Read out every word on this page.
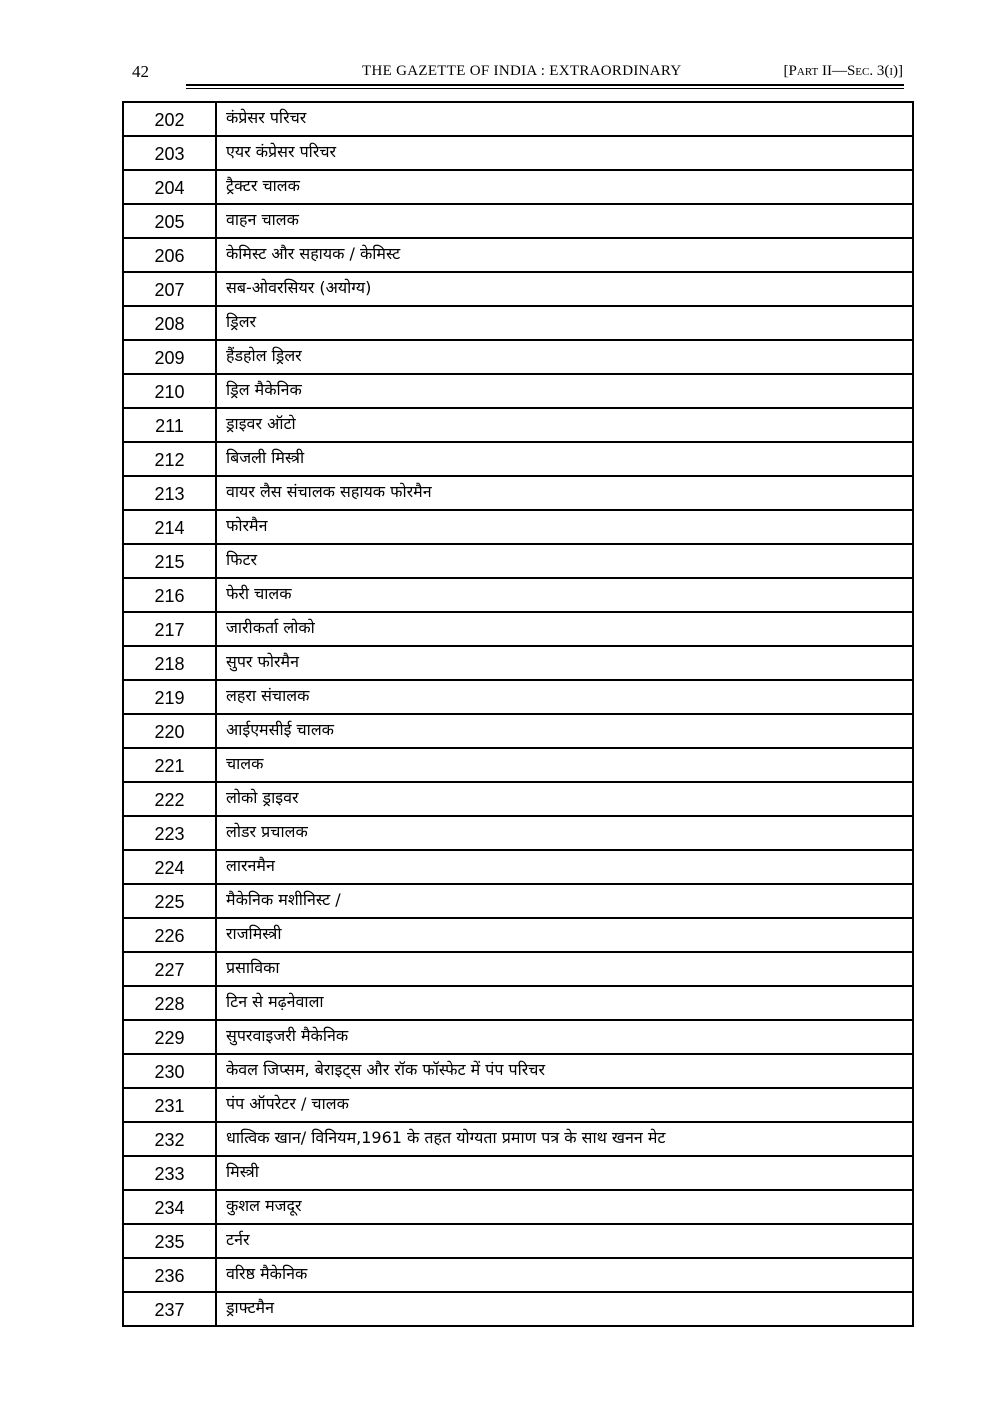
42	THE GAZETTE OF INDIA : EXTRAORDINARY	[Part II—Sec. 3(i)]
202	कंप्रेसर परिचर
203	एयर कंप्रेसर परिचर
204	ट्रैक्टर चालक
205	वाहन चालक
206	केमिस्ट और सहायक / केमिस्ट
207	सब-ओवरसियर (अयोग्य)
208	ड्रिलर
209	हैंडहोल ड्रिलर
210	ड्रिल मैकेनिक
211	ड्राइवर ऑटो
212	बिजली मिस्त्री
213	वायर लैस संचालक सहायक फोरमैन
214	फोरमैन
215	फिटर
216	फेरी चालक
217	जारीकर्ता लोको
218	सुपर फोरमैन
219	लहरा संचालक
220	आईएमसीई चालक
221	चालक
222	लोको ड्राइवर
223	लोडर प्रचालक
224	लारनमैन
225	मैकेनिक मशीनिस्ट /
226	राजमिस्त्री
227	प्रसाविका
228	टिन से मढ़नेवाला
229	सुपरवाइजरी मैकेनिक
230	केवल जिप्सम, बेराइट्स और रॉक फॉस्फेट में पंप परिचर
231	पंप ऑपरेटर / चालक
232	धात्विक खान/ विनियम,1961 के तहत योग्यता प्रमाण पत्र के साथ खनन मेट
233	मिस्त्री
234	कुशल मजदूर
235	टर्नर
236	वरिष्ठ मैकेनिक
237	ड्राफ्टमैन
